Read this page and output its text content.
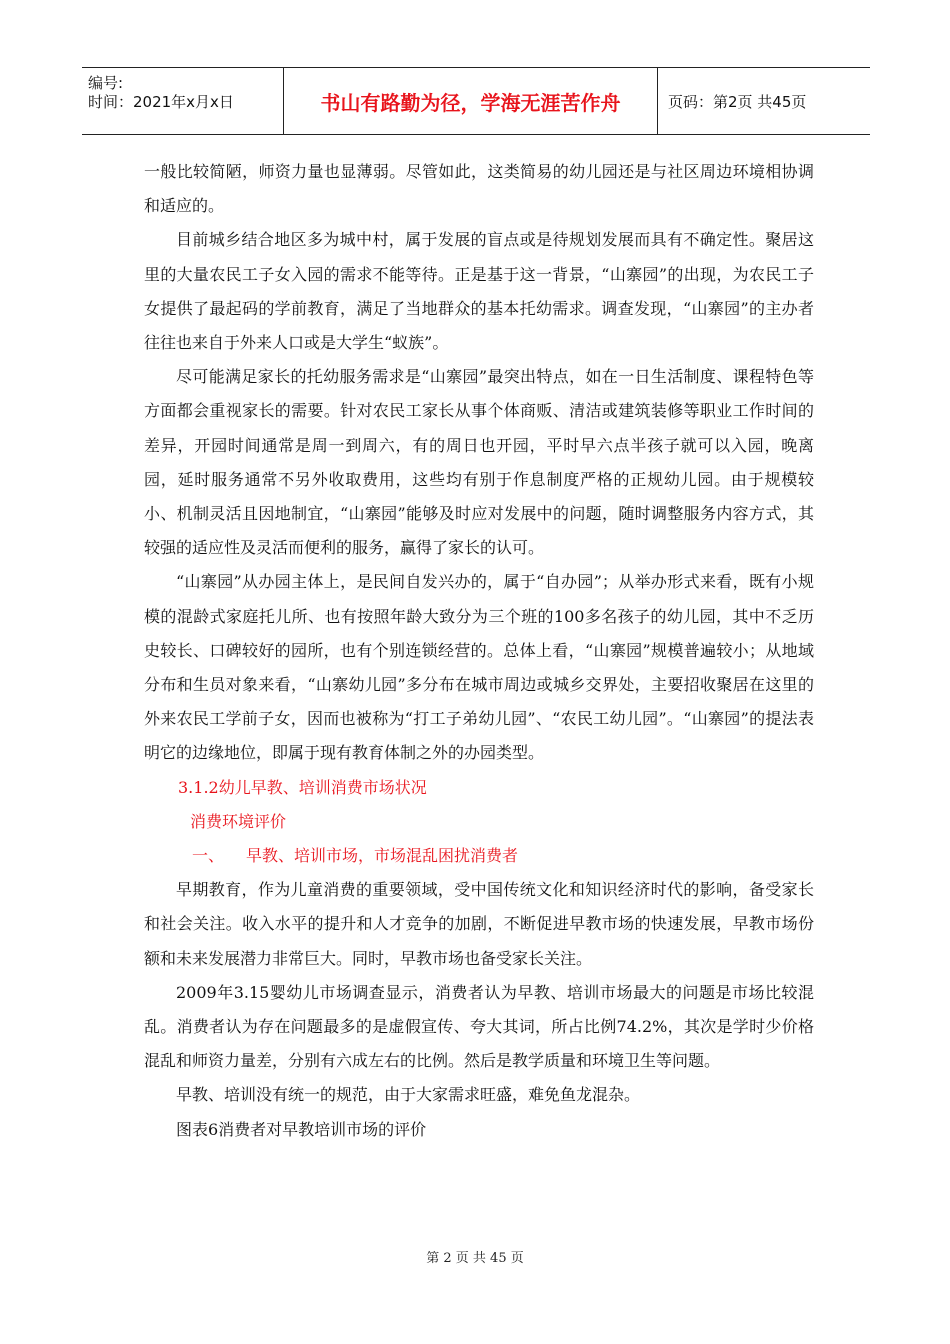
编号:
时间：2021年x月x日	书山有路勤为径，学海无涯苦作舟	页码：第2页 共45页

一般比较简陋，师资力量也显薄弱。尽管如此，这类简易的幼儿园还是与社区周边环境相协调和适应的。

目前城乡结合地区多为城中村，属于发展的盲点或是待规划发展而具有不确定性。聚居这里的大量农民工子女入园的需求不能等待。正是基于这一背景，“山寨园”的出现，为农民工子女提供了最起码的学前教育，满足了当地群众的基本托幼需求。调查发现，“山寨园”的主办者往往也来自于外来人口或是大学生“蚁族”。

尽可能满足家长的托幼服务需求是“山寨园”最突出特点，如在一日生活制度、课程特色等方面都会重视家长的需要。针对农民工家长从事个体商贩、清洁或建筑装修等职业工作时间的差异，开园时间通常是周一到周六，有的周日也开园，平时早六点半孩子就可以入园，晚离园，延时服务通常不另外收取费用，这些均有别于作息制度严格的正规幼儿园。由于规模较小、机制灵活且因地制宜，“山寨园”能够及时应对发展中的问题，随时调整服务内容方式，其较强的适应性及灵活而便利的服务，赢得了家长的认可。

“山寨园”从办园主体上，是民间自发兴办的，属于“自办园”；从举办形式来看，既有小规模的混龄式家庭托儿所、也有按照年龄大致分为三个班的100多名孩子的幼儿园，其中不乏历史较长、口碑较好的园所，也有个别连锁经营的。总体上看，“山寨园”规模普遍较小；从地域分布和生员对象来看，“山寨幼儿园”多分布在城市周边或城乡交界处，主要招收聚居在这里的外来农民工学前子女，因而也被称为“打工子弟幼儿园”、“农民工幼儿园”。“山寨园”的提法表明它的边缘地位，即属于现有教育体制之外的办园类型。

3.1.2幼儿早教、培训消费市场状况

消费环境评价

一、 早教、培训市场，市场混乱困扰消费者

早期教育，作为儿童消费的重要领域，受中国传统文化和知识经济时代的影响，备受家长和社会关注。收入水平的提升和人才竞争的加剧，不断促进早教市场的快速发展，早教市场份额和未来发展潜力非常巨大。同时，早教市场也备受家长关注。

2009年3.15婴幼儿市场调查显示，消费者认为早教、培训市场最大的问题是市场比较混乱。消费者认为存在问题最多的是虚假宣传、夸大其词，所占比例74.2%，其次是学时少价格混乱和师资力量差，分别有六成左右的比例。然后是教学质量和环境卫生等问题。

早教、培训没有统一的规范，由于大家需求旺盛，难免鱼龙混杂。

图表6消费者对早教培训市场的评价

第 2 页 共 45 页
